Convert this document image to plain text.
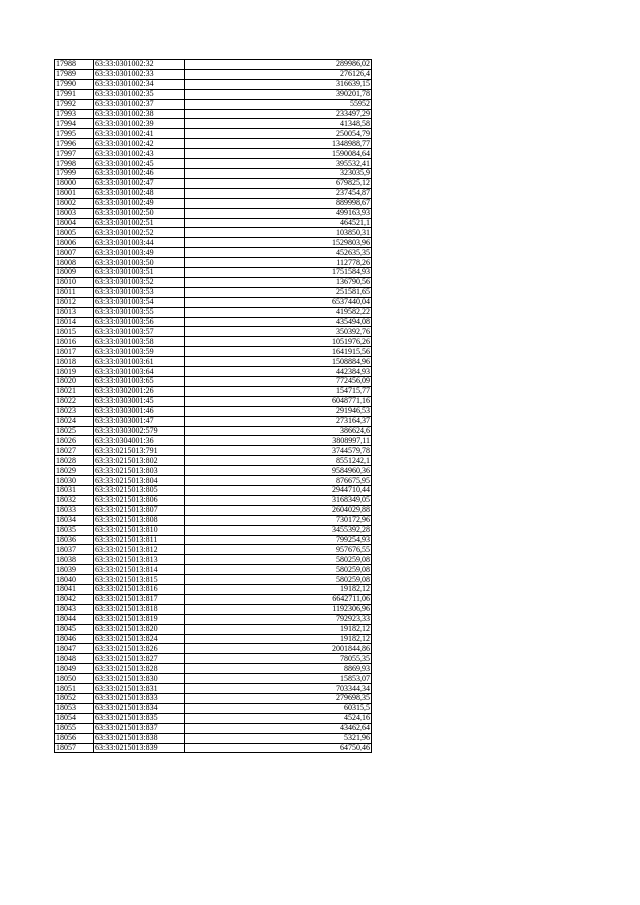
17988	63:33:0301002:32	289986,02
17989	63:33:0301002:33	276126,4
17990	63:33:0301002:34	316639,15
17991	63:33:0301002:35	390201,78
17992	63:33:0301002:37	55952
17993	63:33:0301002:38	233497,29
17994	63:33:0301002:39	41348,58
17995	63:33:0301002:41	250054,79
17996	63:33:0301002:42	1348988,77
17997	63:33:0301002:43	1590084,64
17998	63:33:0301002:45	395532,41
17999	63:33:0301002:46	323035,9
18000	63:33:0301002:47	679825,12
18001	63:33:0301002:48	237454,87
18002	63:33:0301002:49	889998,67
18003	63:33:0301002:50	499163,93
18004	63:33:0301002:51	464521,1
18005	63:33:0301002:52	103850,31
18006	63:33:0301003:44	1529803,96
18007	63:33:0301003:49	452635,35
18008	63:33:0301003:50	112778,26
18009	63:33:0301003:51	1751584,93
18010	63:33:0301003:52	136790,56
18011	63:33:0301003:53	251581,65
18012	63:33:0301003:54	6537440,04
18013	63:33:0301003:55	419582,22
18014	63:33:0301003:56	435494,08
18015	63:33:0301003:57	350392,76
18016	63:33:0301003:58	1051976,26
18017	63:33:0301003:59	1641915,56
18018	63:33:0301003:61	1508884,96
18019	63:33:0301003:64	442384,93
18020	63:33:0301003:65	772456,09
18021	63:33:0302001:26	154715,77
18022	63:33:0303001:45	6048771,16
18023	63:33:0303001:46	291946,53
18024	63:33:0303001:47	273164,37
18025	63:33:0303002:579	386624,6
18026	63:33:0304001:36	3808997,11
18027	63:33:0215013:791	3744579,78
18028	63:33:0215013:802	8551242,1
18029	63:33:0215013:803	9584960,36
18030	63:33:0215013:804	876675,95
18031	63:33:0215013:805	2944710,44
18032	63:33:0215013:806	3168349,05
18033	63:33:0215013:807	2604029,88
18034	63:33:0215013:808	730172,96
18035	63:33:0215013:810	3455392,28
18036	63:33:0215013:811	799254,93
18037	63:33:0215013:812	957676,55
18038	63:33:0215013:813	580259,08
18039	63:33:0215013:814	580259,08
18040	63:33:0215013:815	580259,08
18041	63:33:0215013:816	19182,12
18042	63:33:0215013:817	6642711,06
18043	63:33:0215013:818	1192306,96
18044	63:33:0215013:819	792923,33
18045	63:33:0215013:820	19182,12
18046	63:33:0215013:824	19182,12
18047	63:33:0215013:826	2001844,86
18048	63:33:0215013:827	78055,35
18049	63:33:0215013:828	8869,93
18050	63:33:0215013:830	15853,07
18051	63:33:0215013:831	703344,34
18052	63:33:0215013:833	279698,35
18053	63:33:0215013:834	60315,5
18054	63:33:0215013:835	4524,16
18055	63:33:0215013:837	43462,64
18056	63:33:0215013:838	5321,96
18057	63:33:0215013:839	64750,46
